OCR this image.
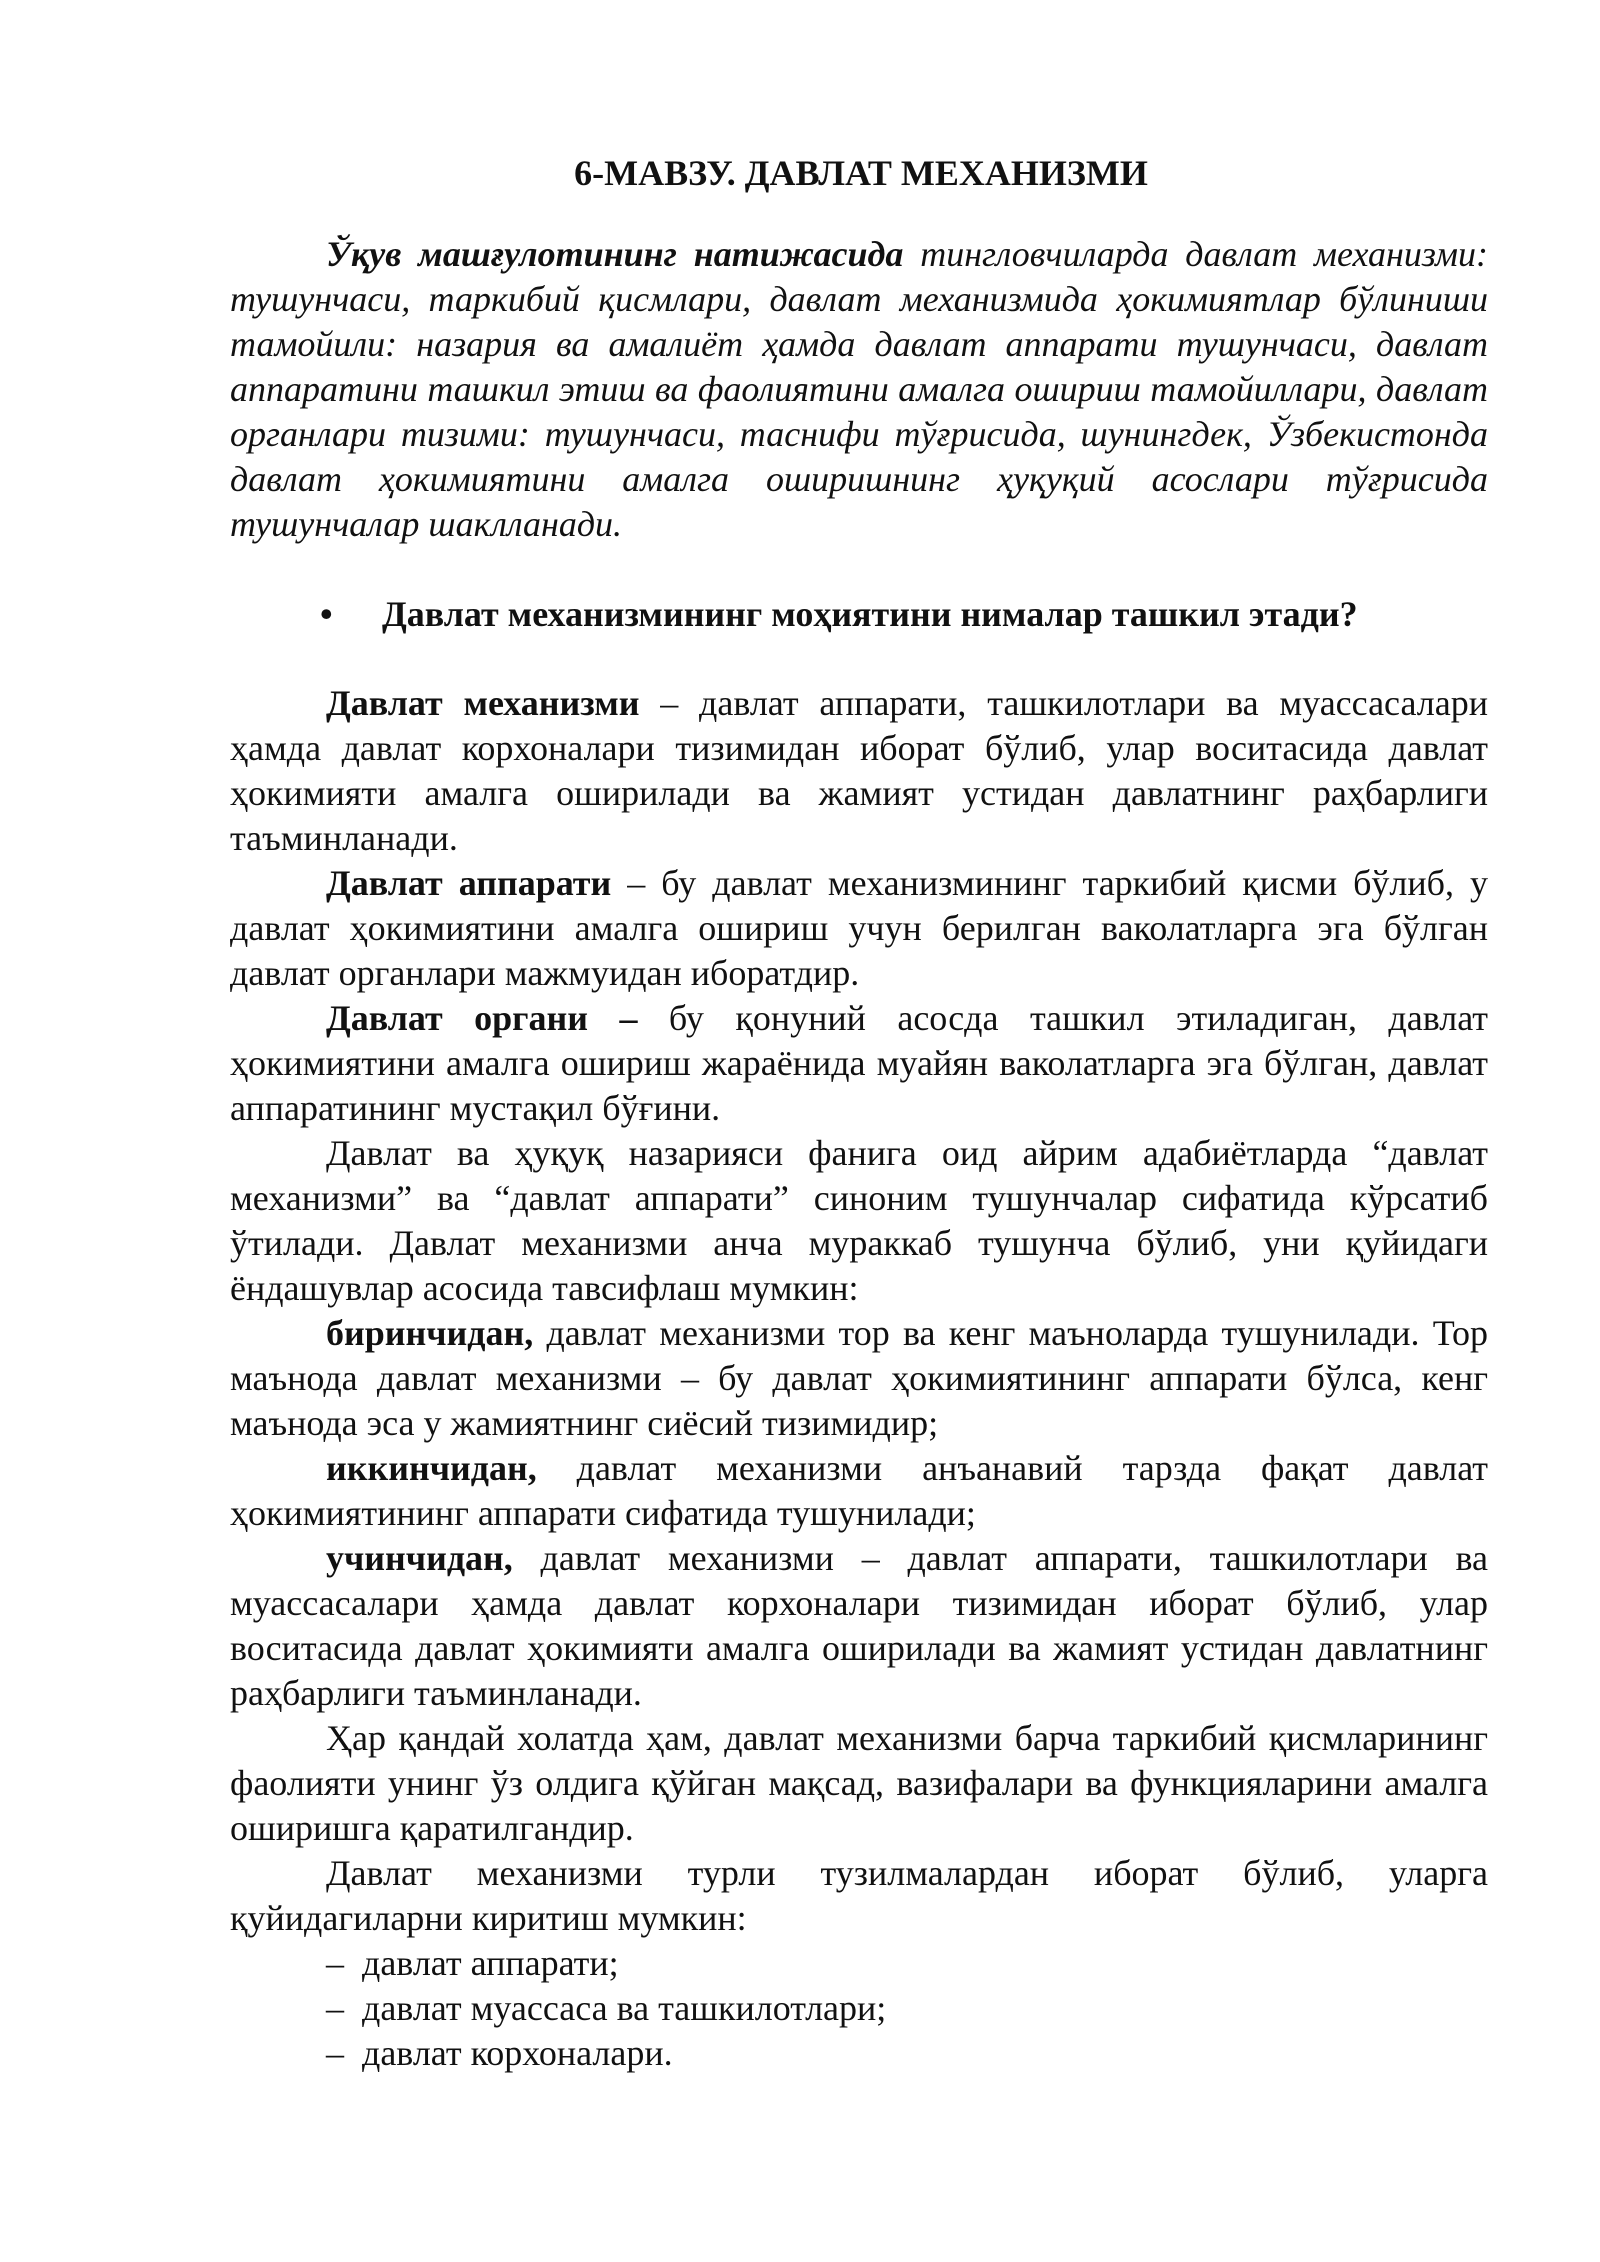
6-МАВЗУ. ДАВЛАТ МЕХАНИЗМИ

Ўқув машғулотининг натижасида тингловчиларда давлат механизми: тушунчаси, таркибий қисмлари, давлат механизмида ҳокимиятлар бўлиниши тамойили: назария ва амалиёт ҳамда давлат аппарати тушунчаси, давлат аппаратини ташкил этиш ва фаолиятини амалга ошириш тамойиллари, давлат органлари тизими: тушунчаси, таснифи тўғрисида, шунингдек, Ўзбекистонда давлат ҳокимиятини амалга оширишнинг ҳуқуқий асослари тўғрисида тушунчалар шаклланади.

• Давлат механизмининг моҳиятини нималар ташкил этади?

Давлат механизми – давлат аппарати, ташкилотлари ва муассасалари ҳамда давлат корхоналари тизимидан иборат бўлиб, улар воситасида давлат ҳокимияти амалга оширилади ва жамият устидан давлатнинг раҳбарлиги таъминланади.

Давлат аппарати – бу давлат механизмининг таркибий қисми бўлиб, у давлат ҳокимиятини амалга ошириш учун берилган ваколатларга эга бўлган давлат органлари мажмуидан иборатдир.

Давлат органи – бу қонуний асосда ташкил этиладиган, давлат ҳокимиятини амалга ошириш жараёнида муайян ваколатларга эга бўлган, давлат аппаратининг мустақил бўғини.

Давлат ва ҳуқуқ назарияси фанига оид айрим адабиётларда “давлат механизми” ва “давлат аппарати” синоним тушунчалар сифатида кўрсатиб ўтилади. Давлат механизми анча мураккаб тушунча бўлиб, уни қуйидаги ёндашувлар асосида тавсифлаш мумкин:

биринчидан, давлат механизми тор ва кенг маъноларда тушунилади. Тор маънода давлат механизми – бу давлат ҳокимиятининг аппарати бўлса, кенг маънода эса у жамиятнинг сиёсий тизимидир;

иккинчидан, давлат механизми анъанавий тарзда фақат давлат ҳокимиятининг аппарати сифатида тушунилади;

учинчидан, давлат механизми – давлат аппарати, ташкилотлари ва муассасалари ҳамда давлат корхоналари тизимидан иборат бўлиб, улар воситасида давлат ҳокимияти амалга оширилади ва жамият устидан давлатнинг раҳбарлиги таъминланади.

Ҳар қандай холатда ҳам, давлат механизми барча таркибий қисмларининг фаолияти унинг ўз олдига қўйган мақсад, вазифалари ва функцияларини амалга оширишга қаратилгандир.

Давлат механизми турли тузилмалардан иборат бўлиб, уларга қуйидагиларни киритиш мумкин:

– давлат аппарати;
– давлат муассаса ва ташкилотлари;
– давлат корхоналари.
